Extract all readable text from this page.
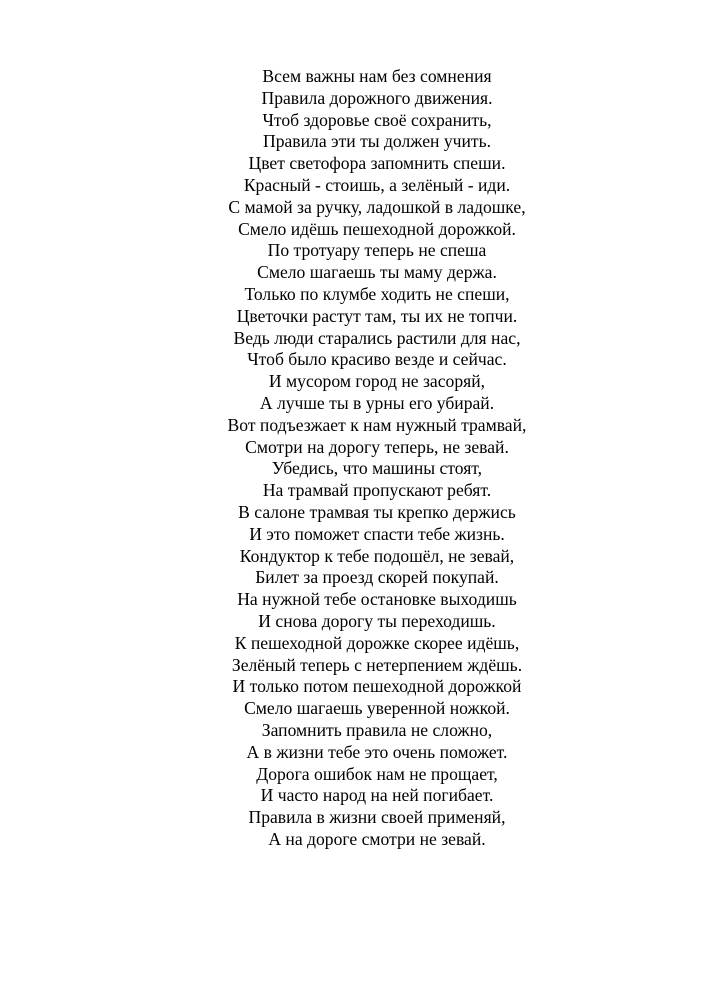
Всем важны нам без сомнения
Правила дорожного движения.
Чтоб здоровье своё сохранить,
Правила эти ты должен учить.
Цвет светофора запомнить спеши.
Красный - стоишь, а зелёный - иди.
С мамой за ручку, ладошкой в ладошке,
Смело идёшь пешеходной дорожкой.
По тротуару теперь не спеша
Смело шагаешь ты маму держа.
Только по клумбе ходить не спеши,
Цветочки растут там, ты их не топчи.
Ведь люди старались растили для нас,
Чтоб было красиво везде и сейчас.
И мусором город не засоряй,
А лучше ты в урны его убирай.
Вот подъезжает к нам нужный трамвай,
Смотри на дорогу теперь, не зевай.
Убедись, что машины стоят,
На трамвай пропускают ребят.
В салоне трамвая ты крепко держись
И это поможет спасти тебе жизнь.
Кондуктор к тебе подошёл, не зевай,
Билет за проезд скорей покупай.
На нужной тебе остановке выходишь
И снова дорогу ты переходишь.
К пешеходной дорожке скорее идёшь,
Зелёный теперь с нетерпением ждёшь.
И только потом пешеходной дорожкой
Смело шагаешь уверенной ножкой.
Запомнить правила не сложно,
А в жизни тебе это очень поможет.
Дорога ошибок нам не прощает,
И часто народ на ней погибает.
Правила в жизни своей применяй,
А на дороге смотри не зевай.
